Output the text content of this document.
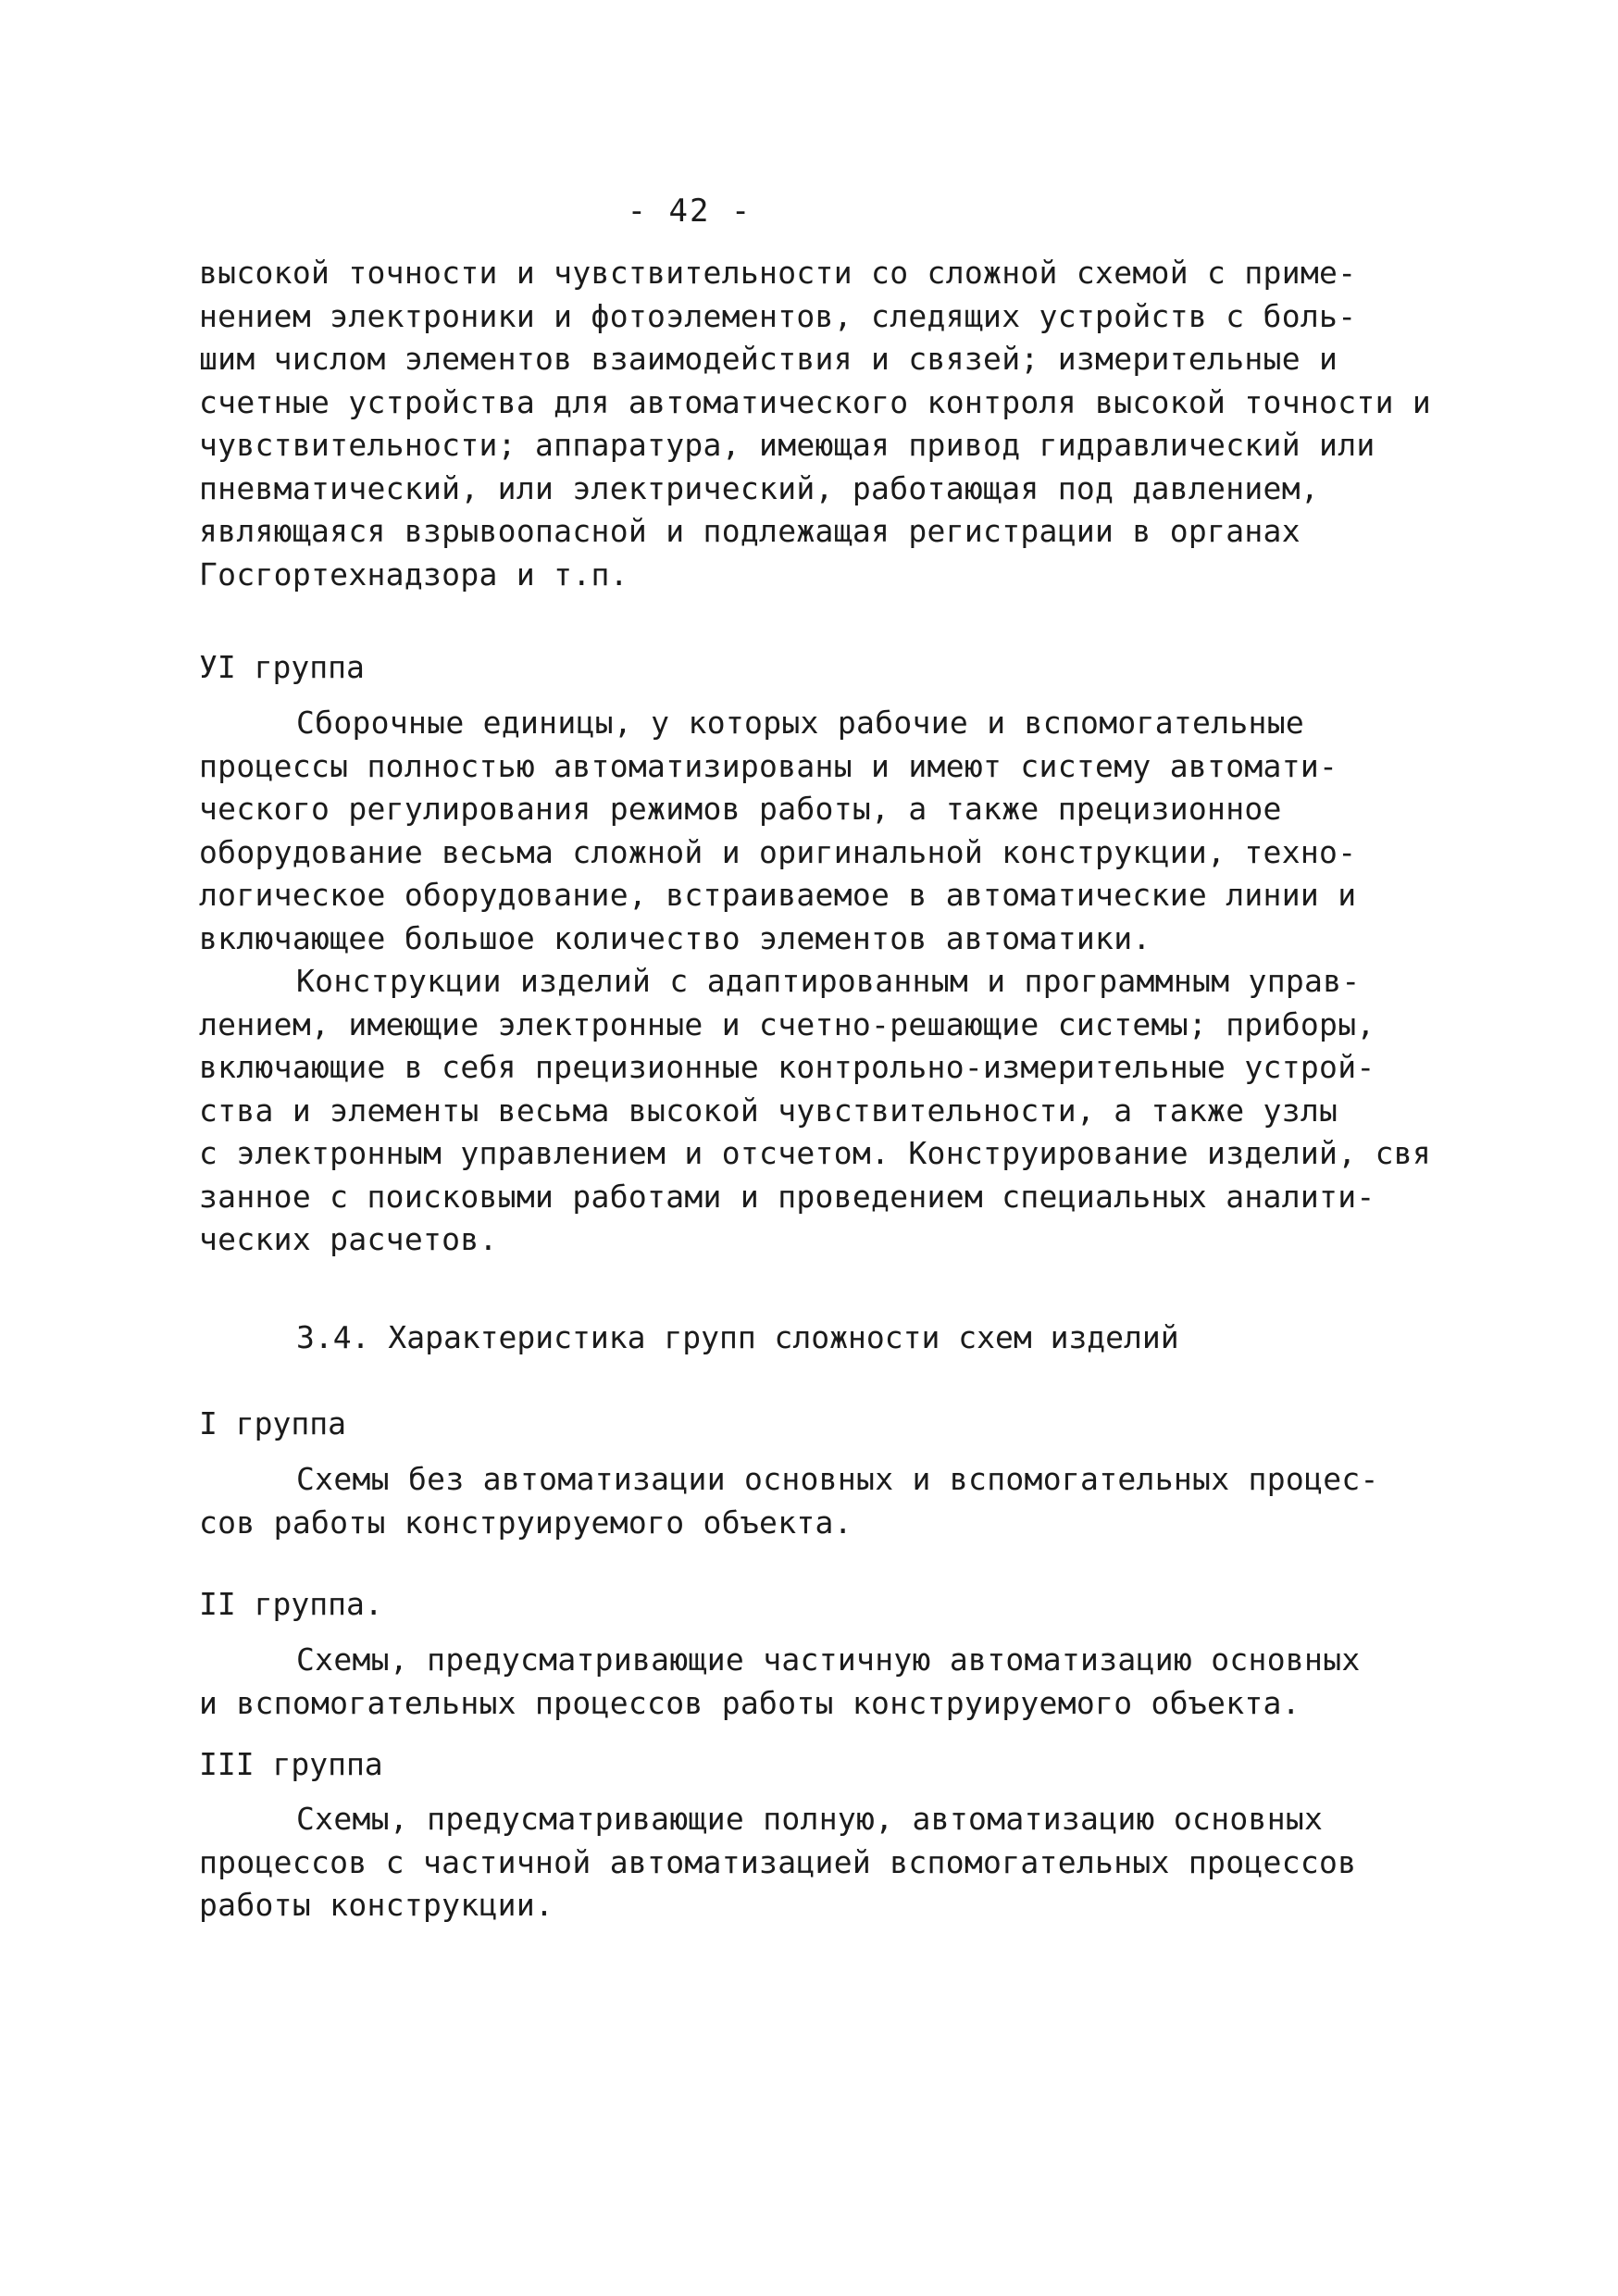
- 42 -
высокой точности и чувствительности со сложной схемой с приме-
нением электроники и фотоэлементов, следящих устройств с боль-
шим числом элементов взаимодействия и связей; измерительные и
счетные устройства для автоматического контроля высокой точности и
чувствительности; аппаратура, имеющая привод гидравлический или
пневматический, или электрический, работающая под давлением,
являющаяся взрывоопасной и подлежащая регистрации в органах
Госгортехнадзора и т.п.
УI группа
Сборочные единицы, у которых рабочие и вспомогательные
процессы полностью автоматизированы и имеют систему автомати-
ческого регулирования режимов работы, а также прецизионное
оборудование весьма сложной и оригинальной конструкции, техно-
логическое оборудование, встраиваемое в автоматические линии и
включающее большое количество элементов автоматики.
Конструкции изделий с адаптированным и программным управ-
лением, имеющие электронные и счетно-решающие системы; приборы,
включающие в себя прецизионные контрольно-измерительные устрой-
ства и элементы весьма высокой чувствительности, а также узлы
с электронным управлением и отсчетом. Конструирование изделий, свя
занное с поисковыми работами и проведением специальных аналити-
ческих расчетов.
3.4. Характеристика групп сложности схем изделий
I группа
Схемы без автоматизации основных и вспомогательных процес-
сов работы конструируемого объекта.
II группа.
Схемы, предусматривающие частичную автоматизацию основных
и вспомогательных процессов работы конструируемого объекта.
III группа
Схемы, предусматривающие полную, автоматизацию основных
процессов с частичной автоматизацией вспомогательных процессов
работы конструкции.
